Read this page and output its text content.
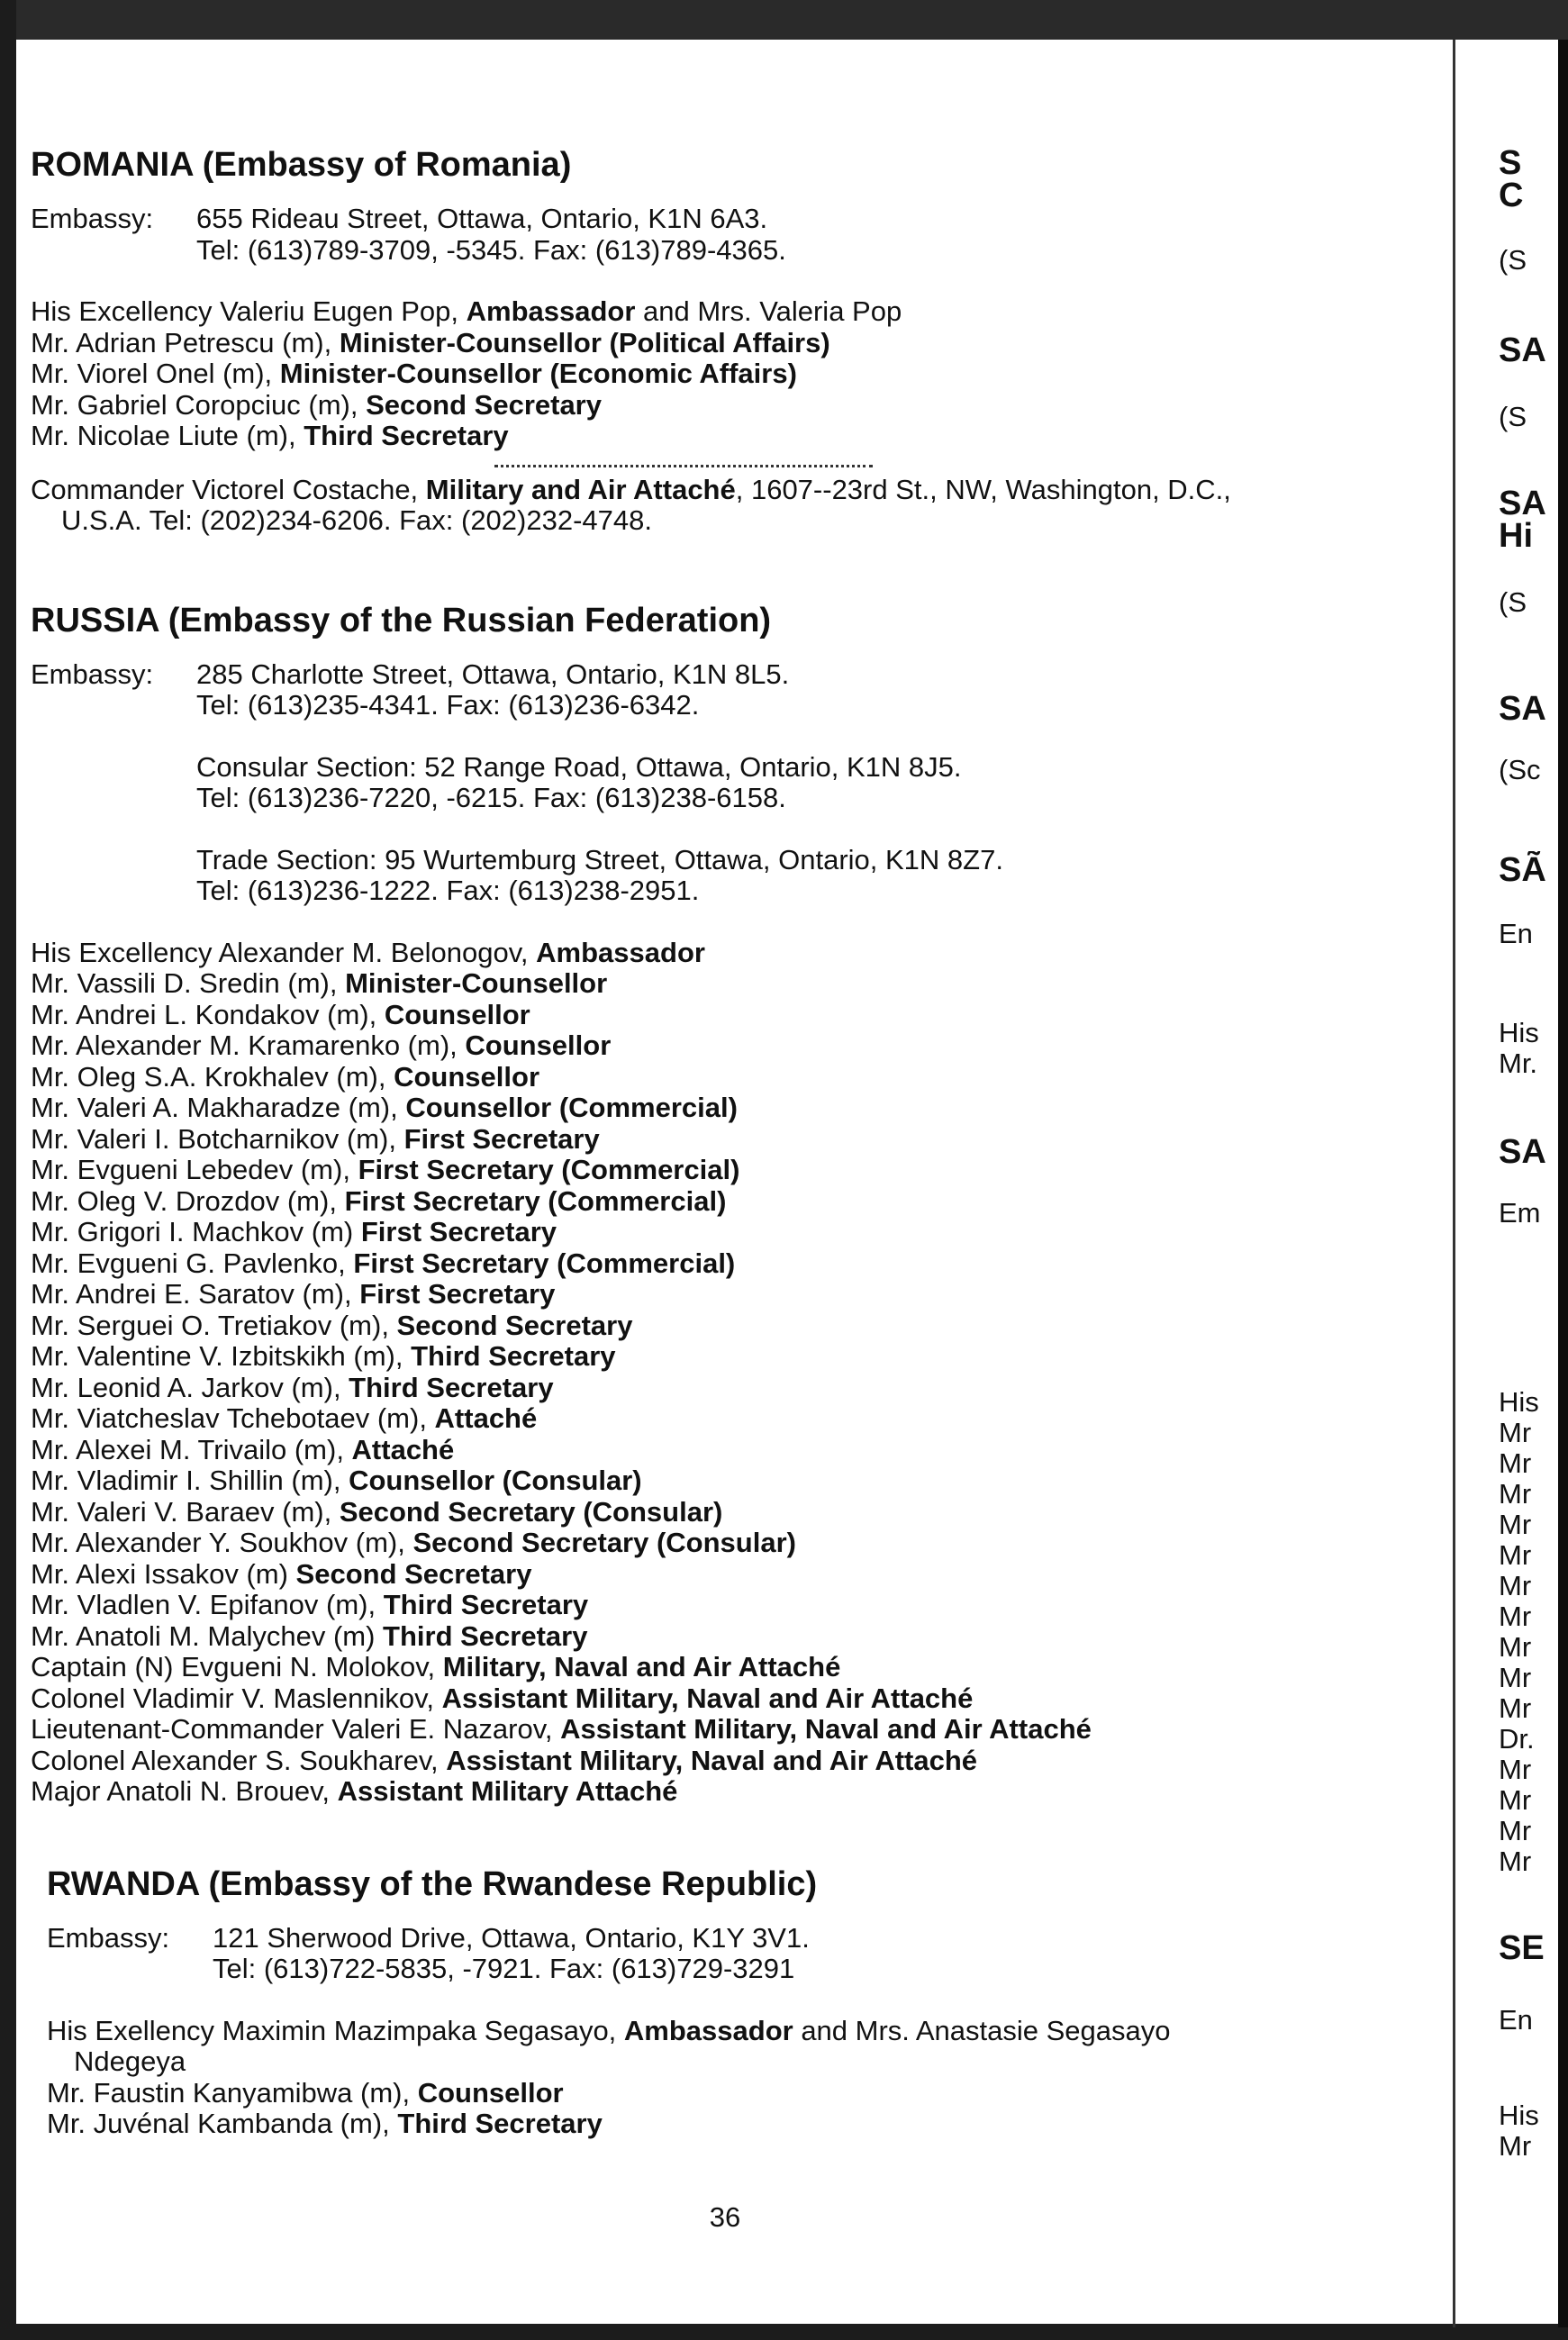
ROMANIA (Embassy of Romania)
Embassy:	655 Rideau Street, Ottawa, Ontario, K1N 6A3.
Tel: (613)789-3709, -5345. Fax: (613)789-4365.
His Excellency Valeriu Eugen Pop, Ambassador and Mrs. Valeria Pop
Mr. Adrian Petrescu (m), Minister-Counsellor (Political Affairs)
Mr. Viorel Onel (m), Minister-Counsellor (Economic Affairs)
Mr. Gabriel Coropciuc (m), Second Secretary
Mr. Nicolae Liute (m), Third Secretary
Commander Victorel Costache, Military and Air Attaché, 1607--23rd St., NW, Washington, D.C.,
U.S.A. Tel: (202)234-6206. Fax: (202)232-4748.
RUSSIA (Embassy of the Russian Federation)
Embassy:	285 Charlotte Street, Ottawa, Ontario, K1N 8L5.
Tel: (613)235-4341. Fax: (613)236-6342.
Consular Section: 52 Range Road, Ottawa, Ontario, K1N 8J5.
Tel: (613)236-7220, -6215. Fax: (613)238-6158.
Trade Section: 95 Wurtemburg Street, Ottawa, Ontario, K1N 8Z7.
Tel: (613)236-1222. Fax: (613)238-2951.
His Excellency Alexander M. Belonogov, Ambassador
Mr. Vassili D. Sredin (m), Minister-Counsellor
Mr. Andrei L. Kondakov (m), Counsellor
Mr. Alexander M. Kramarenko (m), Counsellor
Mr. Oleg S.A. Krokhalev (m), Counsellor
Mr. Valeri A. Makharadze (m), Counsellor (Commercial)
Mr. Valeri I. Botcharnikov (m), First Secretary
Mr. Evgueni Lebedev (m), First Secretary (Commercial)
Mr. Oleg V. Drozdov (m), First Secretary (Commercial)
Mr. Grigori I. Machkov (m) First Secretary
Mr. Evgueni G. Pavlenko, First Secretary (Commercial)
Mr. Andrei E. Saratov (m), First Secretary
Mr. Serguei O. Tretiakov (m), Second Secretary
Mr. Valentine V. Izbitskikh (m), Third Secretary
Mr. Leonid A. Jarkov (m), Third Secretary
Mr. Viatcheslav Tchebotaev (m), Attaché
Mr. Alexei M. Trivailo (m), Attaché
Mr. Vladimir I. Shillin (m), Counsellor (Consular)
Mr. Valeri V. Baraev (m), Second Secretary (Consular)
Mr. Alexander Y. Soukhov (m), Second Secretary (Consular)
Mr. Alexi Issakov (m) Second Secretary
Mr. Vladlen V. Epifanov (m), Third Secretary
Mr. Anatoli M. Malychev (m) Third Secretary
Captain (N) Evgueni N. Molokov, Military, Naval and Air Attaché
Colonel Vladimir V. Maslennikov, Assistant Military, Naval and Air Attaché
Lieutenant-Commander Valeri E. Nazarov, Assistant Military, Naval and Air Attaché
Colonel Alexander S. Soukharev, Assistant Military, Naval and Air Attaché
Major Anatoli N. Brouev, Assistant Military Attaché
RWANDA (Embassy of the Rwandese Republic)
Embassy:	121 Sherwood Drive, Ottawa, Ontario, K1Y 3V1.
Tel: (613)722-5835, -7921. Fax: (613)729-3291
His Exellency Maximin Mazimpaka Segasayo, Ambassador and Mrs. Anastasie Segasayo
Ndegeya
Mr. Faustin Kanyamibwa (m), Counsellor
Mr. Juvénal Kambanda (m), Third Secretary
36
S
C
(S
SA
(S
SA
Hi
(S
SA
(Sc
SÃ
En
His
Mr.
SA
Em
His
Mr
Mr
Mr
Mr
Mr
Mr
Mr
Mr
Mr
Mr
Dr.
Mr
Mr
Mr
Mr
SE
En
His
Mr
